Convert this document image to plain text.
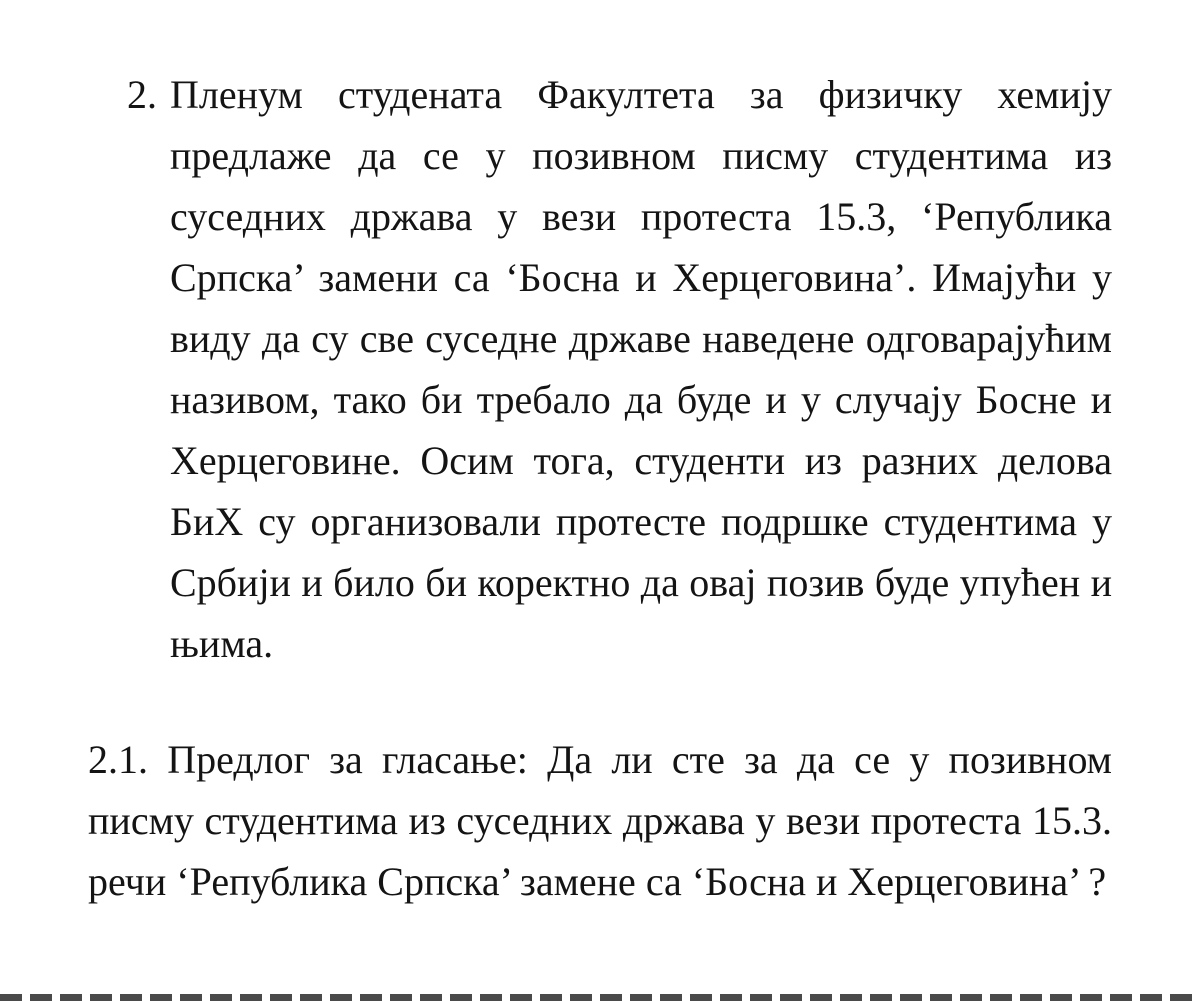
2. Пленум студената Факултета за физичку хемију предлаже да се у позивном писму студентима из суседних држава у вези протеста 15.3, ‘Република Српска’ замени са ‘Босна и Херцеговина’. Имајући у виду да су све суседне државе наведене одговарајућим називом, тако би требало да буде и у случају Босне и Херцеговине. Осим тога, студенти из разних делова БиХ су организовали протесте подршке студентима у Србији и било би коректно да овај позив буде упућен и њима.
2.1. Предлог за гласање: Да ли сте за да се у позивном писму студентима из суседних држава у вези протеста 15.3. речи ‘Република Српска’ замене са ‘Босна и Херцеговина’ ?
